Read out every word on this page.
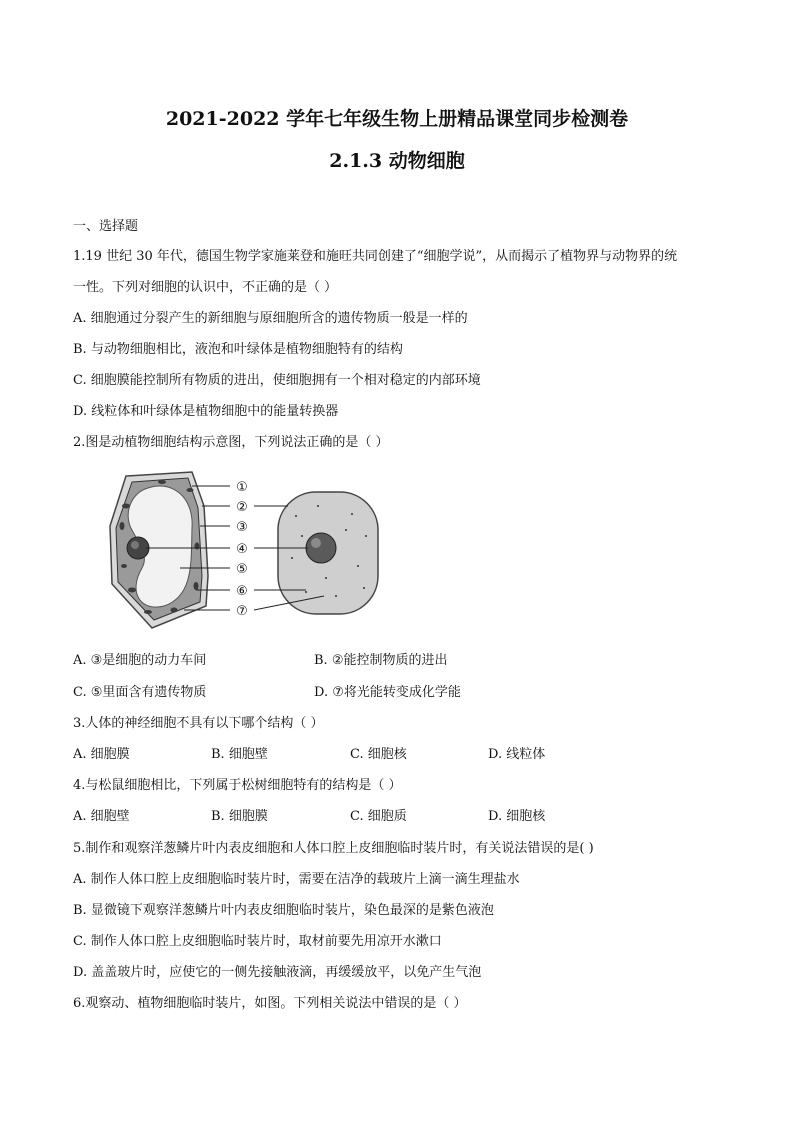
2021-2022 学年七年级生物上册精品课堂同步检测卷
2.1.3 动物细胞
一、选择题
1.19 世纪 30 年代，德国生物学家施莱登和施旺共同创建了“细胞学说”，从而揭示了植物界与动物界的统
一性。下列对细胞的认识中，不正确的是（ ）
A. 细胞通过分裂产生的新细胞与原细胞所含的遗传物质一般是一样的
B. 与动物细胞相比，液泡和叶绿体是植物细胞特有的结构
C. 细胞膜能控制所有物质的进出，使细胞拥有一个相对稳定的内部环境
D. 线粒体和叶绿体是植物细胞中的能量转换器
2.图是动植物细胞结构示意图，下列说法正确的是（ ）
①
②
③
④
⑤
⑥
⑦
A. ③是细胞的动力车间	B. ②能控制物质的进出
C. ⑤里面含有遗传物质	D. ⑦将光能转变成化学能
3.人体的神经细胞不具有以下哪个结构（ ）
A. 细胞膜	B. 细胞壁	C. 细胞核	D. 线粒体
4.与松鼠细胞相比，下列属于松树细胞特有的结构是（ ）
A. 细胞壁	B. 细胞膜	C. 细胞质	D. 细胞核
5.制作和观察洋葱鳞片叶内表皮细胞和人体口腔上皮细胞临时装片时，有关说法错误的是( )
A. 制作人体口腔上皮细胞临时装片时，需要在洁净的载玻片上滴一滴生理盐水
B. 显微镜下观察洋葱鳞片叶内表皮细胞临时装片，染色最深的是紫色液泡
C. 制作人体口腔上皮细胞临时装片时，取材前要先用凉开水漱口
D. 盖盖玻片时，应使它的一侧先接触液滴，再缓缓放平，以免产生气泡
6.观察动、植物细胞临时装片，如图。下列相关说法中错误的是（ ）
